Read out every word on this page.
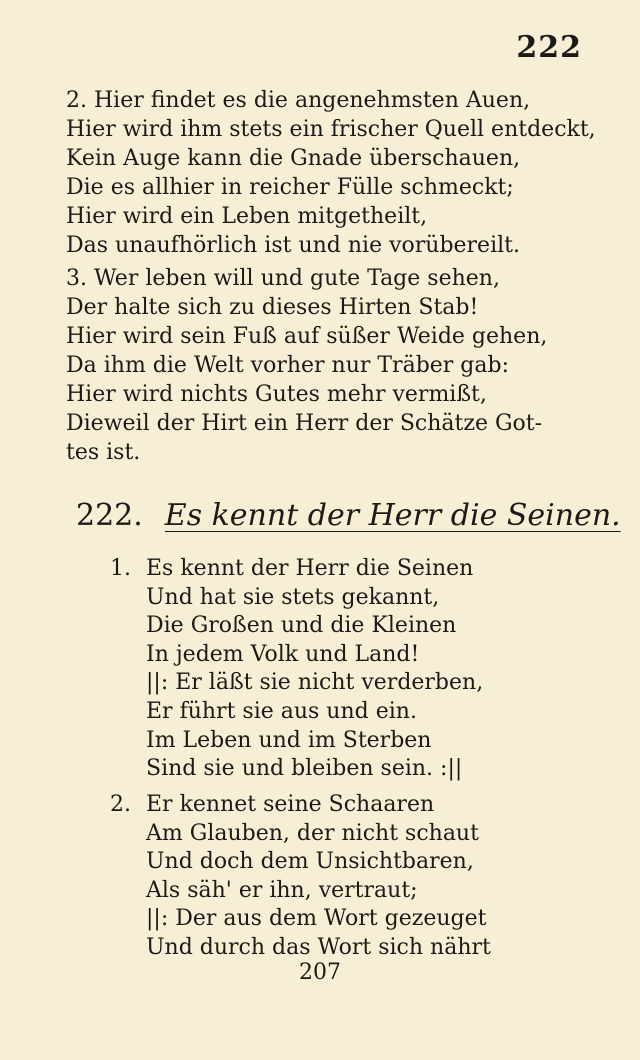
222
2. Hier findet es die angenehmsten Auen,
Hier wird ihm stets ein frischer Quell entdeckt,
Kein Auge kann die Gnade überschauen,
Die es allhier in reicher Fülle schmeckt;
Hier wird ein Leben mitgetheilt,
Das unaufhörlich ist und nie vorübereilt.
3. Wer leben will und gute Tage sehen,
Der halte sich zu dieses Hirten Stab!
Hier wird sein Fuß auf süßer Weide gehen,
Da ihm die Welt vorher nur Träber gab:
Hier wird nichts Gutes mehr vermißt,
Dieweil der Hirt ein Herr der Schätze Got-
tes ist.
222. Es kennt der Herr die Seinen.
1. Es kennt der Herr die Seinen
Und hat sie stets gekannt,
Die Großen und die Kleinen
In jedem Volk und Land!
||: Er läßt sie nicht verderben,
Er führt sie aus und ein.
Im Leben und im Sterben
Sind sie und bleiben sein. :||
2. Er kennet seine Schaaren
Am Glauben, der nicht schaut
Und doch dem Unsichtbaren,
Als säh' er ihn, vertraut;
||: Der aus dem Wort gezeuget
Und durch das Wort sich nährt
207
